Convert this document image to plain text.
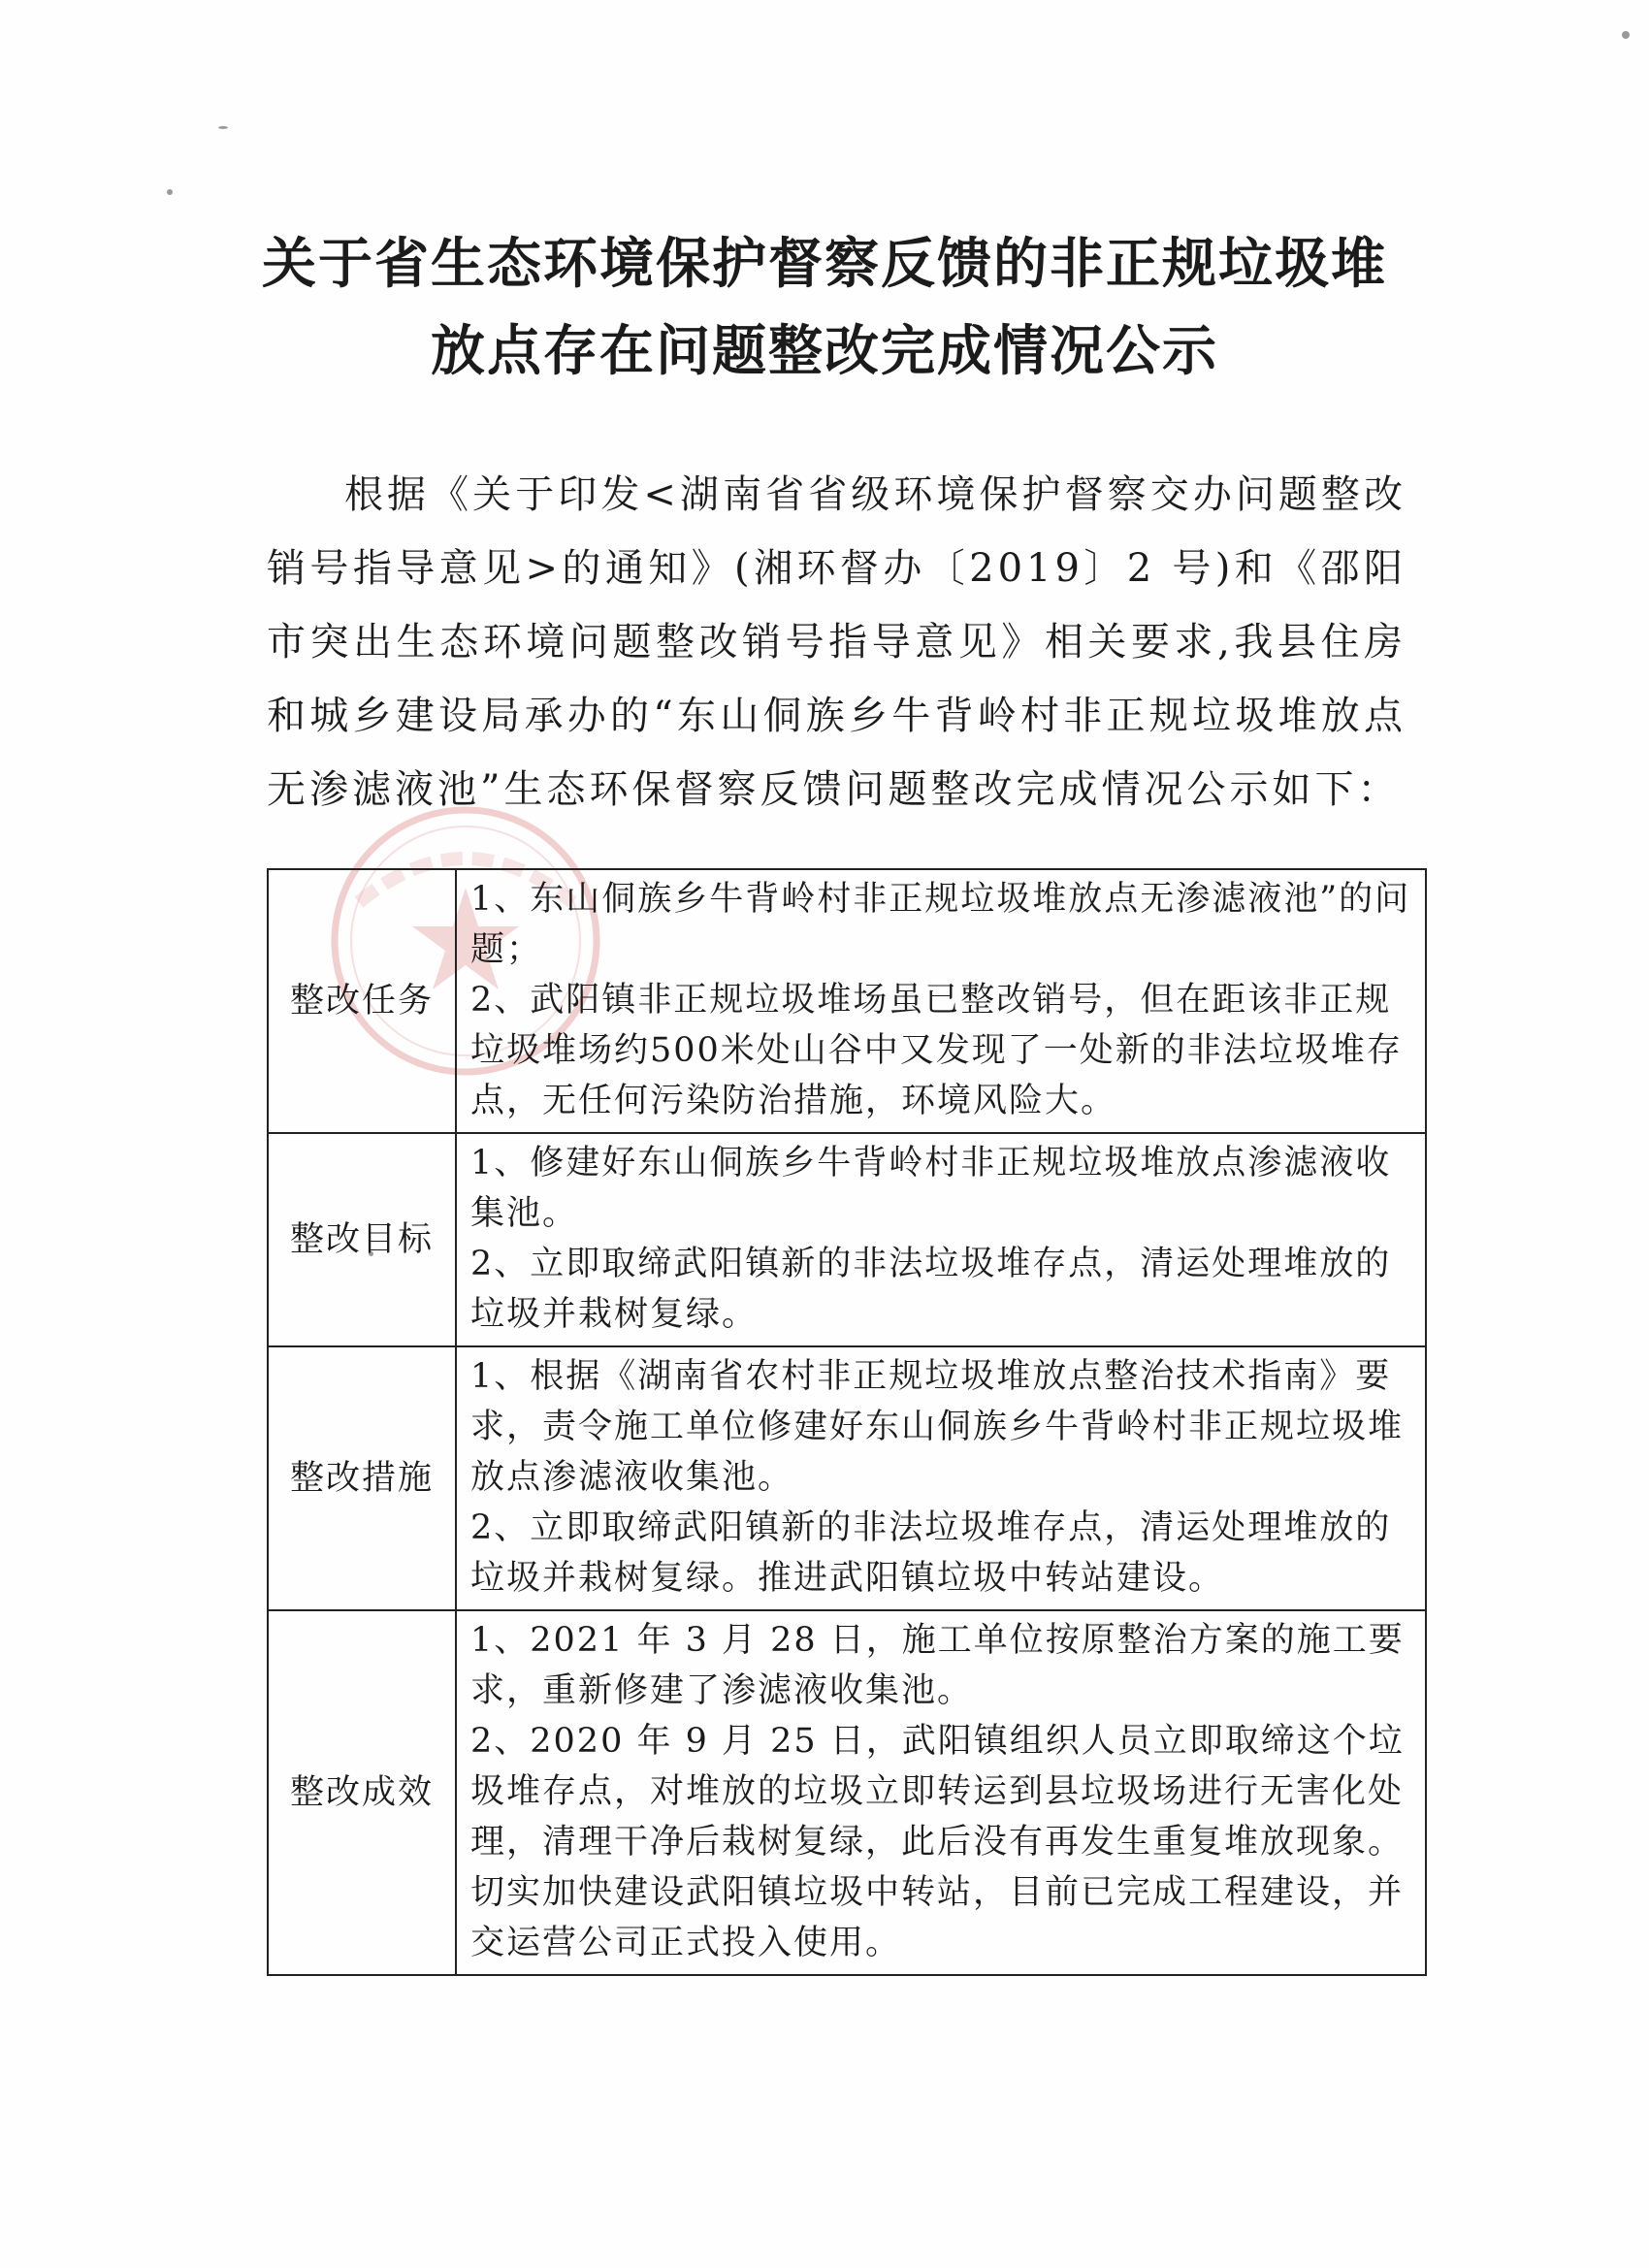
关于省生态环境保护督察反馈的非正规垃圾堆放点存在问题整改完成情况公示
根据《关于印发<湖南省省级环境保护督察交办问题整改销号指导意见>的通知》(湘环督办〔2019〕2 号)和《邵阳市突出生态环境问题整改销号指导意见》相关要求,我县住房和城乡建设局承办的“东山侗族乡牛背岭村非正规垃圾堆放点无渗滤液池”生态环保督察反馈问题整改完成情况公示如下：
整改任务	1、东山侗族乡牛背岭村非正规垃圾堆放点无渗滤液池”的问题；
2、武阳镇非正规垃圾堆场虽已整改销号，但在距该非正规垃圾堆场约500米处山谷中又发现了一处新的非法垃圾堆存点，无任何污染防治措施，环境风险大。

整改目标	1、修建好东山侗族乡牛背岭村非正规垃圾堆放点渗滤液收集池。
2、立即取缔武阳镇新的非法垃圾堆存点，清运处理堆放的垃圾并栽树复绿。

整改措施	1、根据《湖南省农村非正规垃圾堆放点整治技术指南》要求，责令施工单位修建好东山侗族乡牛背岭村非正规垃圾堆放点渗滤液收集池。
2、立即取缔武阳镇新的非法垃圾堆存点，清运处理堆放的垃圾并栽树复绿。推进武阳镇垃圾中转站建设。

整改成效	1、2021 年 3 月 28 日，施工单位按原整治方案的施工要求，重新修建了渗滤液收集池。
2、2020 年 9 月 25 日，武阳镇组织人员立即取缔这个垃圾堆存点，对堆放的垃圾立即转运到县垃圾场进行无害化处理，清理干净后栽树复绿，此后没有再发生重复堆放现象。切实加快建设武阳镇垃圾中转站，目前已完成工程建设，并交运营公司正式投入使用。
